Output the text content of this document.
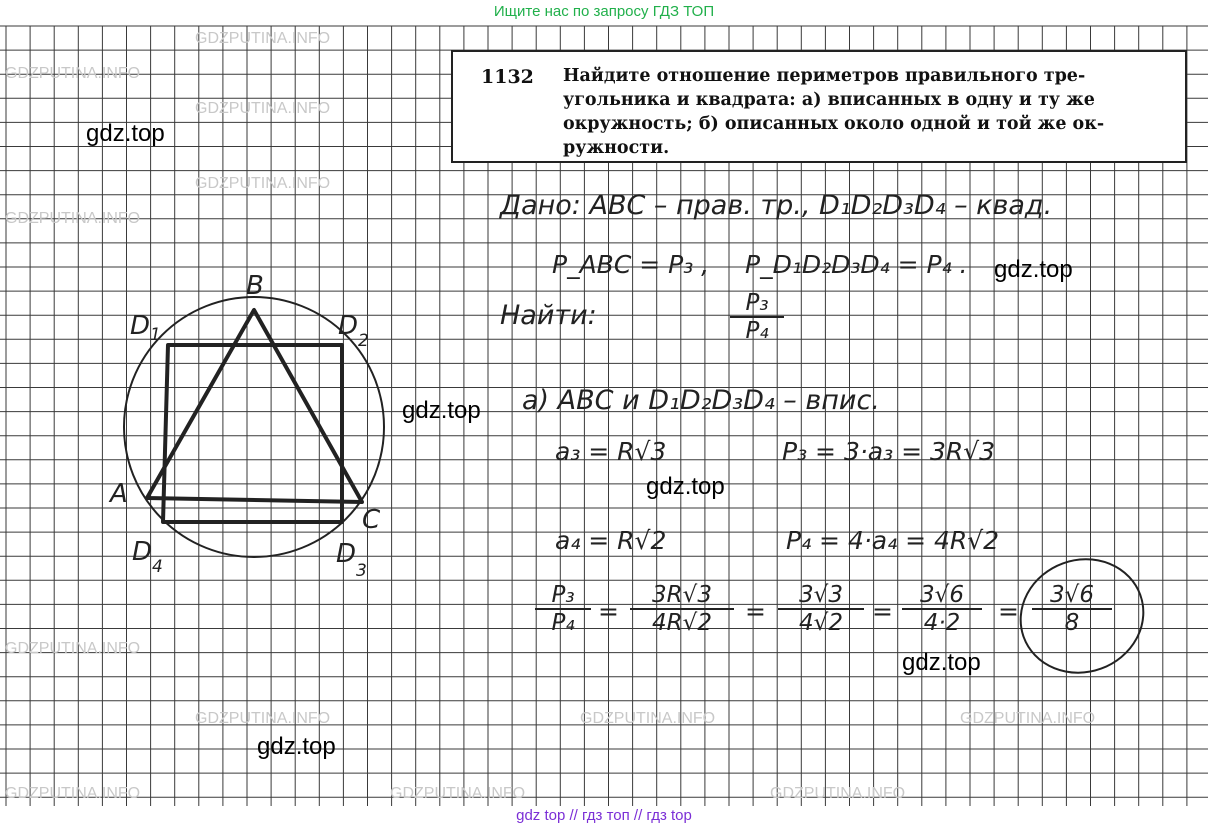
Ищите нас по запросу ГДЗ ТОП
GDZPUTINA.INFO
GDZPUTINA.INFO
GDZPUTINA.INFO
GDZPUTINA.INFO
GDZPUTINA.INFO
GDZPUTINA.INFO
GDZPUTINA.INFO
GDZPUTINA.INFO	GDZPUTINA.INFO
GDZPUTINA.INFO
GDZPUTINA.INFO
GDZPUTINA.INFO
1132 Найдите отношение периметров правильного тре-
угольника и квадрата: а) вписанных в одну и ту же
окружность; б) описанных около одной и той же ок-
ружности.
B
A
C
$D_1$	$D_2$
$D_3$
$D_4$
Дано: ABC – прав. тр., D₁D₂D₃D₄ – квад.
P_ABC = P₃ , P_D₁D₂D₃D₄ = P₄ .
Найти:	$\frac{\text{P₃}}{\text{P₄}}$
а) ABC и D₁D₂D₃D₄ – впис.
a₃ = R√3	P₃ = 3·a₃ = 3R√3
a₄ = R√2	P₄ = 4·a₄ = 4R√2
$\frac{\text{P₃}}{\text{P₄}} = \frac{3R√3}{4R√2} = \frac{3√3}{4√2} = \frac{3√6}{4\cdot 2} = \frac{3√6}{8}$
gdz.top
gdz.top
gdz.top
gdz.top
gdz.top
gdz.top
gdz top // гдз топ // гдз top
